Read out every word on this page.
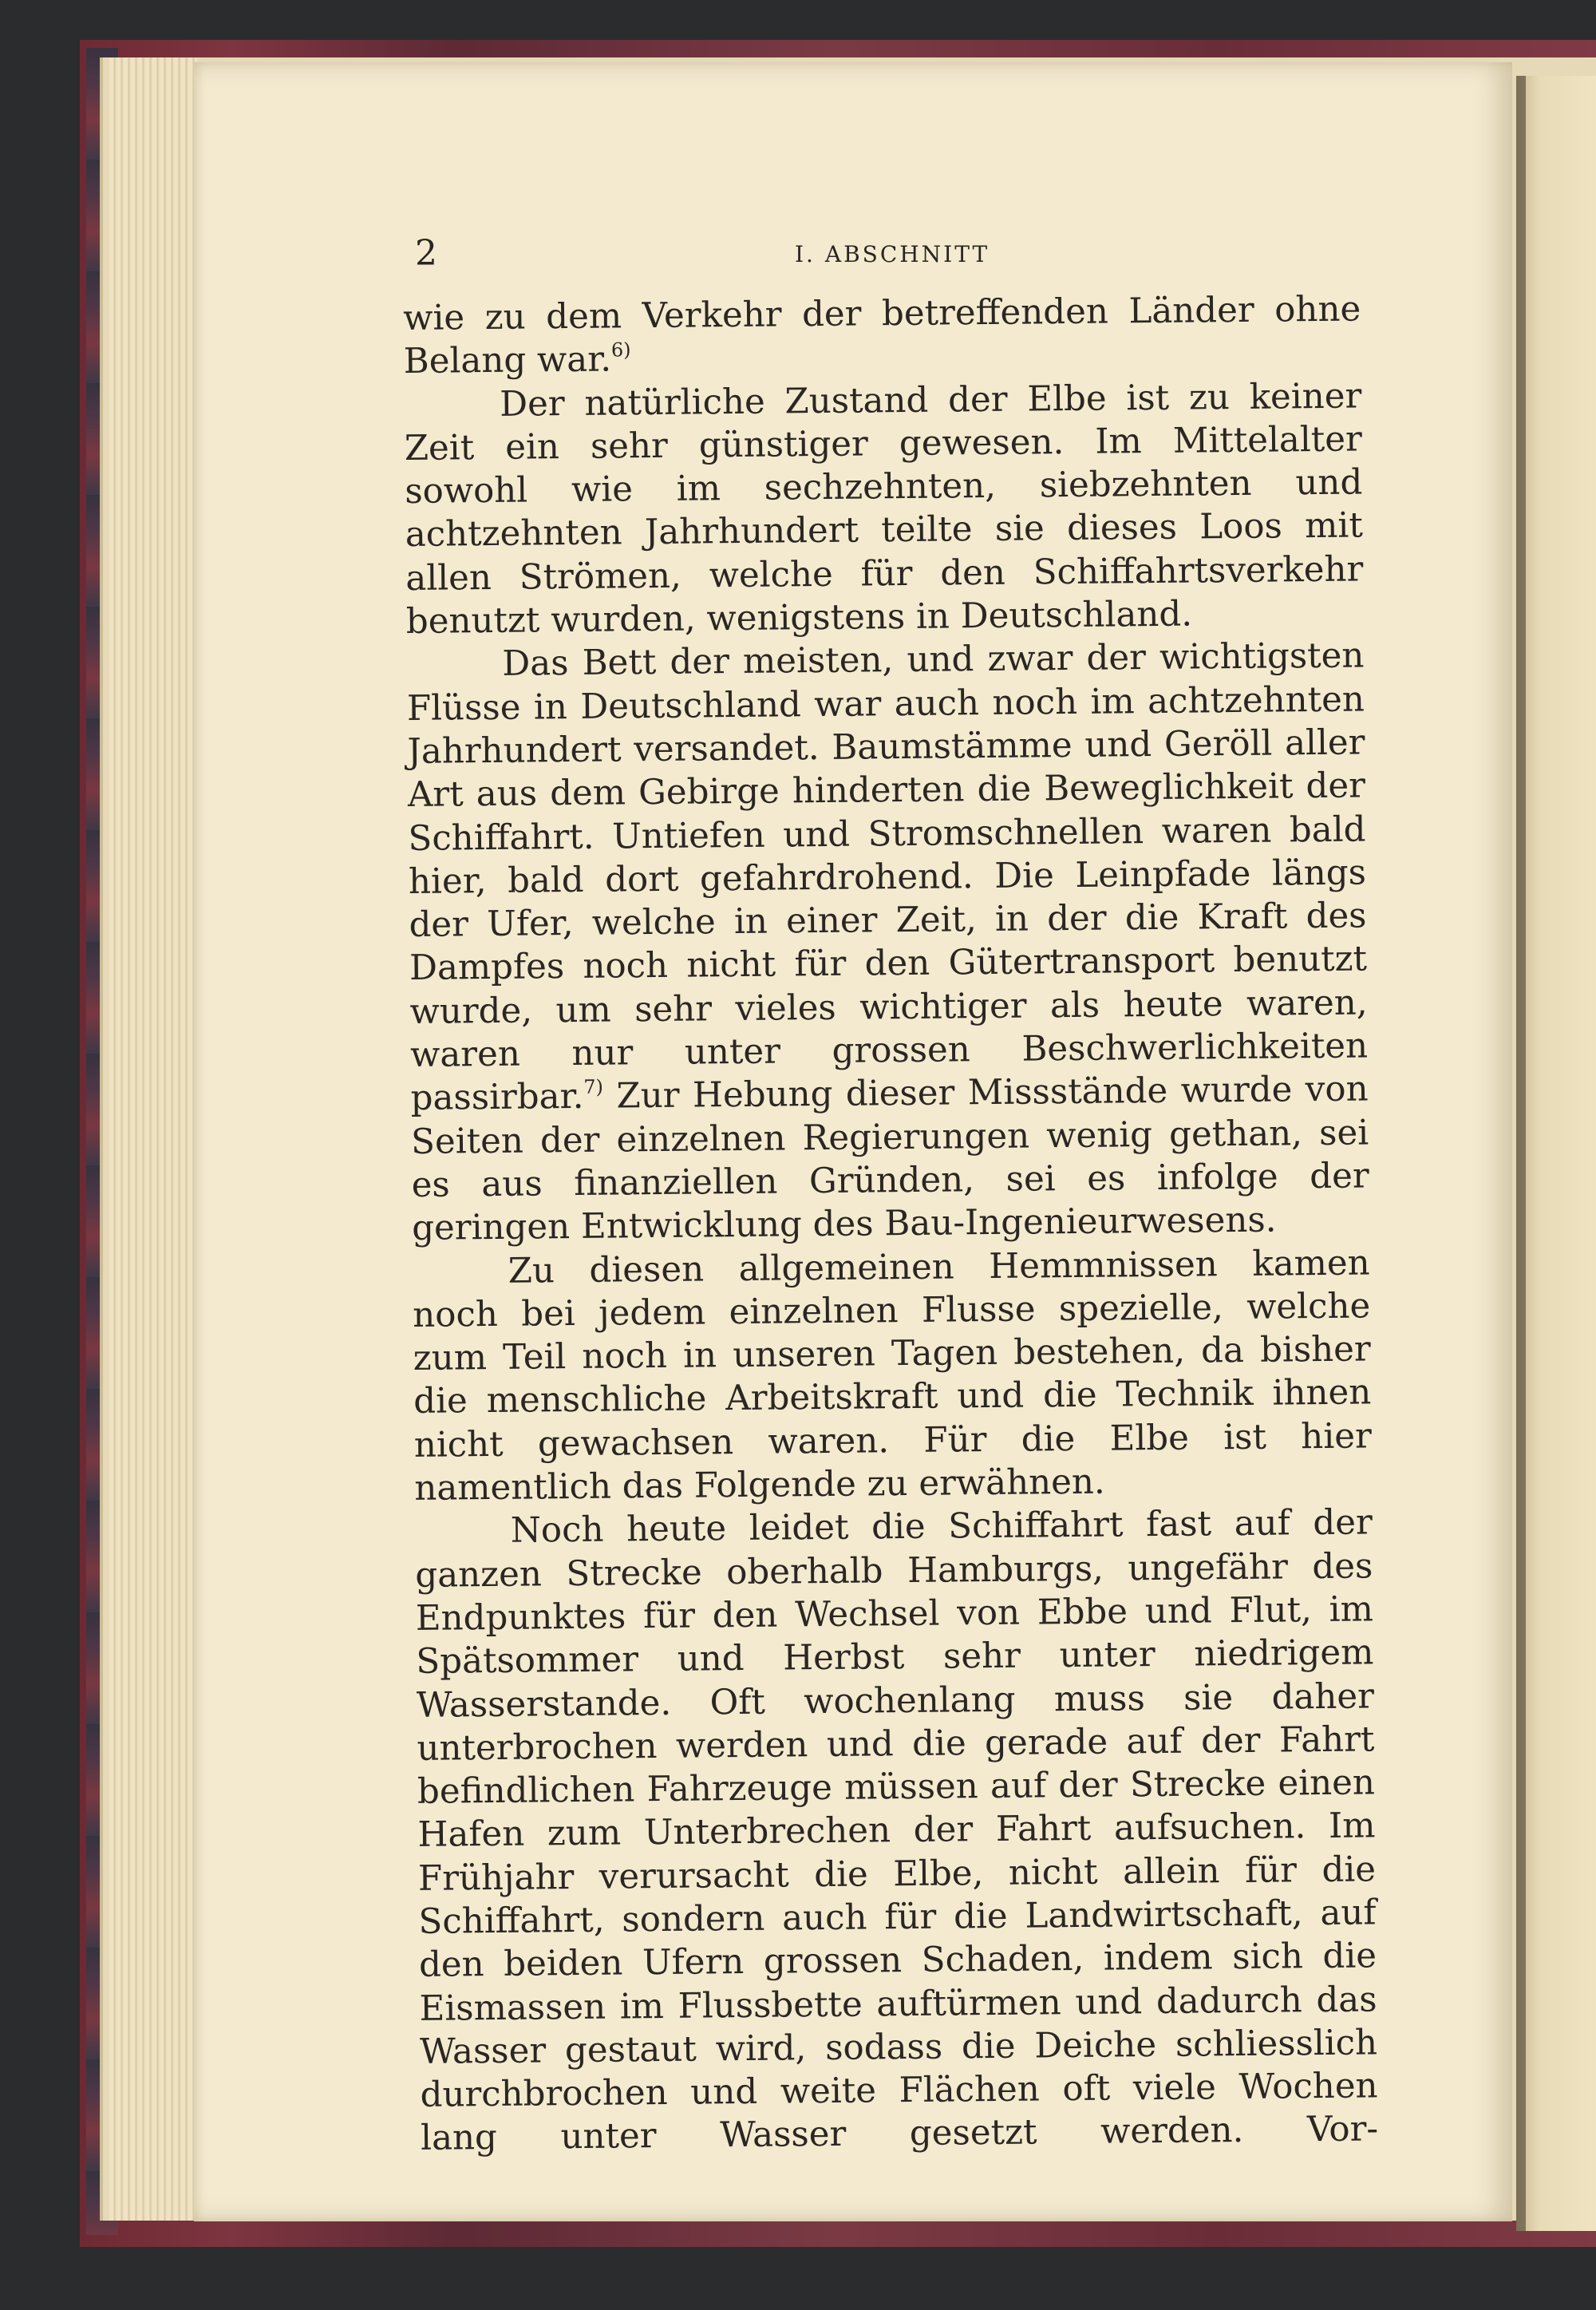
2	I. ABSCHNITT

wie zu dem Verkehr der betreffenden Länder ohne Belang war.$^{6)}$

Der natürliche Zustand der Elbe ist zu keiner Zeit ein sehr günstiger gewesen. Im Mittelalter sowohl wie im sechzehnten, siebzehnten und achtzehnten Jahrhundert teilte sie dieses Loos mit allen Strömen, welche für den Schiffahrtsverkehr benutzt wurden, wenigstens in Deutschland.

Das Bett der meisten, und zwar der wichtigsten Flüsse in Deutschland war auch noch im achtzehnten Jahrhundert versandet. Baumstämme und Geröll aller Art aus dem Gebirge hinderten die Beweglichkeit der Schiffahrt. Untiefen und Stromschnellen waren bald hier, bald dort gefahrdrohend. Die Leinpfade längs der Ufer, welche in einer Zeit, in der die Kraft des Dampfes noch nicht für den Gütertransport benutzt wurde, um sehr vieles wichtiger als heute waren, waren nur unter grossen Beschwerlichkeiten passirbar.$^{7)}$ Zur Hebung dieser Missstände wurde von Seiten der einzelnen Regierungen wenig gethan, sei es aus finanziellen Gründen, sei es infolge der geringen Entwicklung des Bau-Ingenieurwesens.

Zu diesen allgemeinen Hemmnissen kamen noch bei jedem einzelnen Flusse spezielle, welche zum Teil noch in unseren Tagen bestehen, da bisher die menschliche Arbeitskraft und die Technik ihnen nicht gewachsen waren. Für die Elbe ist hier namentlich das Folgende zu erwähnen.

Noch heute leidet die Schiffahrt fast auf der ganzen Strecke oberhalb Hamburgs, ungefähr des Endpunktes für den Wechsel von Ebbe und Flut, im Spätsommer und Herbst sehr unter niedrigem Wasserstande. Oft wochenlang muss sie daher unterbrochen werden und die gerade auf der Fahrt befindlichen Fahrzeuge müssen auf der Strecke einen Hafen zum Unterbrechen der Fahrt aufsuchen. Im Frühjahr verursacht die Elbe, nicht allein für die Schiffahrt, sondern auch für die Landwirtschaft, auf den beiden Ufern grossen Schaden, indem sich die Eismassen im Flussbette auftürmen und dadurch das Wasser gestaut wird, sodass die Deiche schliesslich durchbrochen und weite Flächen oft viele Wochen lang unter Wasser gesetzt werden. Vor-
